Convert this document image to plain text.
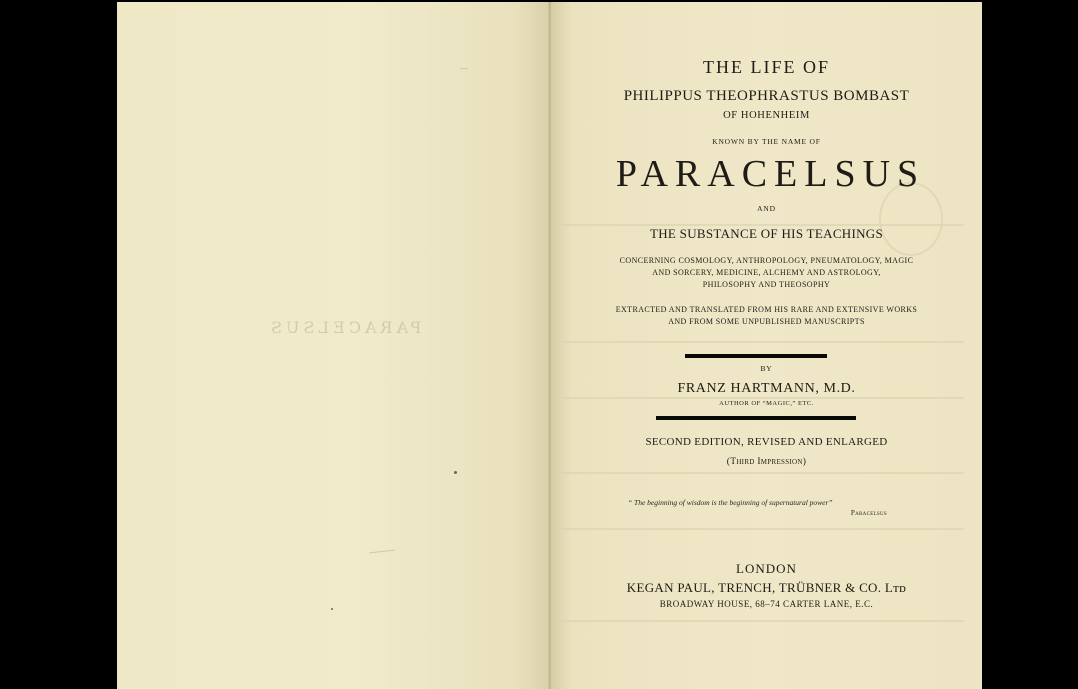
PARACELSUS
THE LIFE OF
PHILIPPUS THEOPHRASTUS BOMBAST
OF HOHENHEIM
KNOWN BY THE NAME OF
PARACELSUS
AND
THE SUBSTANCE OF HIS TEACHINGS
CONCERNING COSMOLOGY, ANTHROPOLOGY, PNEUMATOLOGY, MAGIC
AND SORCERY, MEDICINE, ALCHEMY AND ASTROLOGY,
PHILOSOPHY AND THEOSOPHY
EXTRACTED AND TRANSLATED FROM HIS RARE AND EXTENSIVE WORKS
AND FROM SOME UNPUBLISHED MANUSCRIPTS
BY
FRANZ HARTMANN, M.D.
AUTHOR OF “MAGIC,” ETC.
SECOND EDITION, REVISED AND ENLARGED
(Third Impression)
“ The beginning of wisdom is the beginning of supernatural power”
Paracelsus
LONDON
KEGAN PAUL, TRENCH, TRÜBNER & CO. Lᴛᴅ
BROADWAY HOUSE, 68–74 CARTER LANE, E.C.
